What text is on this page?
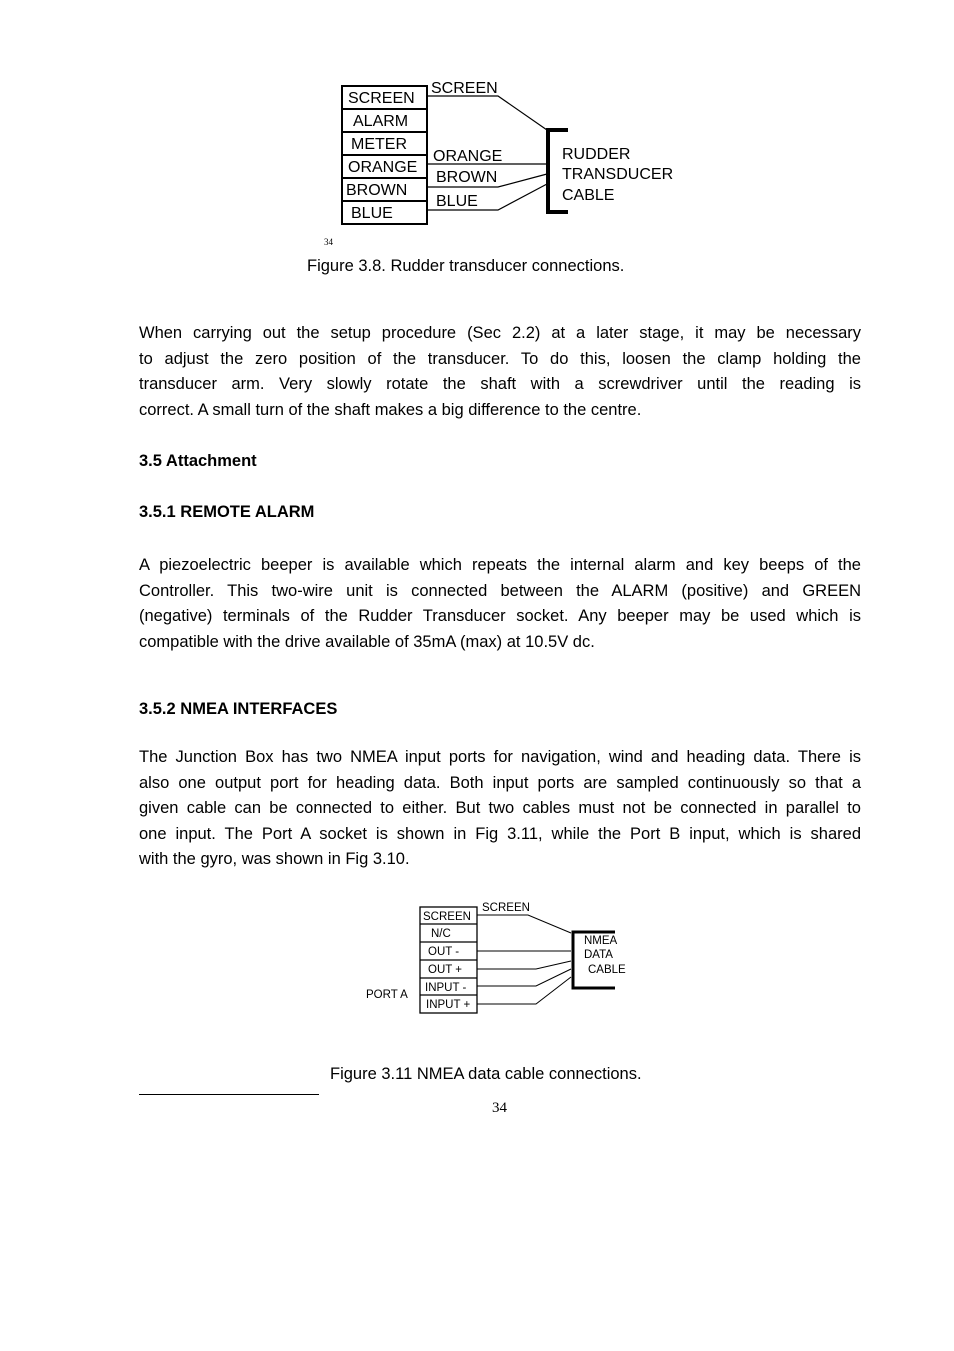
SCREEN
ALARM
METER
ORANGE
BROWN
BLUE
SCREEN
ORANGE
BROWN
BLUE
RUDDER
TRANSDUCER
CABLE
34
Figure 3.8. Rudder transducer connections.
When carrying out the setup procedure (Sec 2.2) at a later stage, it may be necessary
to adjust the zero position of the transducer. To do this, loosen the clamp holding the
transducer arm. Very slowly rotate the shaft with a screwdriver until the reading is
correct. A small turn of the shaft makes a big difference to the centre.
3.5 Attachment
3.5.1 REMOTE ALARM
A piezoelectric beeper is available which repeats the internal alarm and key beeps of the
Controller. This two-wire unit is connected between the ALARM (positive) and GREEN
(negative) terminals of the Rudder Transducer socket. Any beeper may be used which is
compatible with the drive available of 35mA (max) at 10.5V dc.
3.5.2 NMEA INTERFACES
The Junction Box has two NMEA input ports for navigation, wind and heading data. There is
also one output port for heading data. Both input ports are sampled continuously so that a
given cable can be connected to either. But two cables must not be connected in parallel to
one input. The Port A socket is shown in Fig 3.11, while the Port B input, which is shared
with the gyro, was shown in Fig 3.10.
SCREEN
N/C
OUT -
OUT +
INPUT -
INPUT +
SCREEN
PORT A
NMEA
DATA
CABLE
Figure 3.11 NMEA data cable connections.
34
